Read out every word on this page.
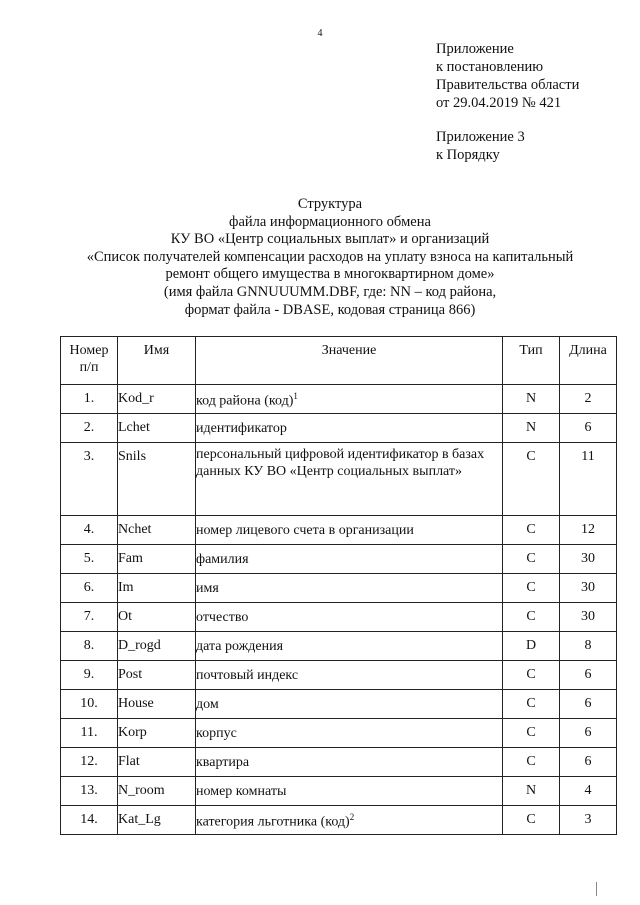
4
Приложение
к постановлению
Правительства области
от 29.04.2019 № 421
Приложение 3
к Порядку
Структура
файла информационного обмена
КУ ВО «Центр социальных выплат» и организаций
«Список получателей компенсации расходов на уплату взноса на капитальный
ремонт общего имущества в многоквартирном доме»
(имя файла GNNUUUMM.DBF, где: NN – код района,
формат файла - DBASE, кодовая страница 866)
Номер п/п	Имя	Значение	Тип	Длина
1.	Kod_r	код района (код)$^1$	N	2
2.	Lchet	идентификатор	N	6
3.	Snils	персональный цифровой идентификатор в базах данных КУ ВО «Центр социальных выплат»	C	11
4.	Nchet	номер лицевого счета в организации	C	12
5.	Fam	фамилия	C	30
6.	Im	имя	C	30
7.	Ot	отчество	C	30
8.	D_rogd	дата рождения	D	8
9.	Post	почтовый индекс	C	6
10.	House	дом	C	6
11.	Korp	корпус	C	6
12.	Flat	квартира	C	6
13.	N_room	номер комнаты	N	4
14.	Kat_Lg	категория льготника (код)$^2$	C	3
